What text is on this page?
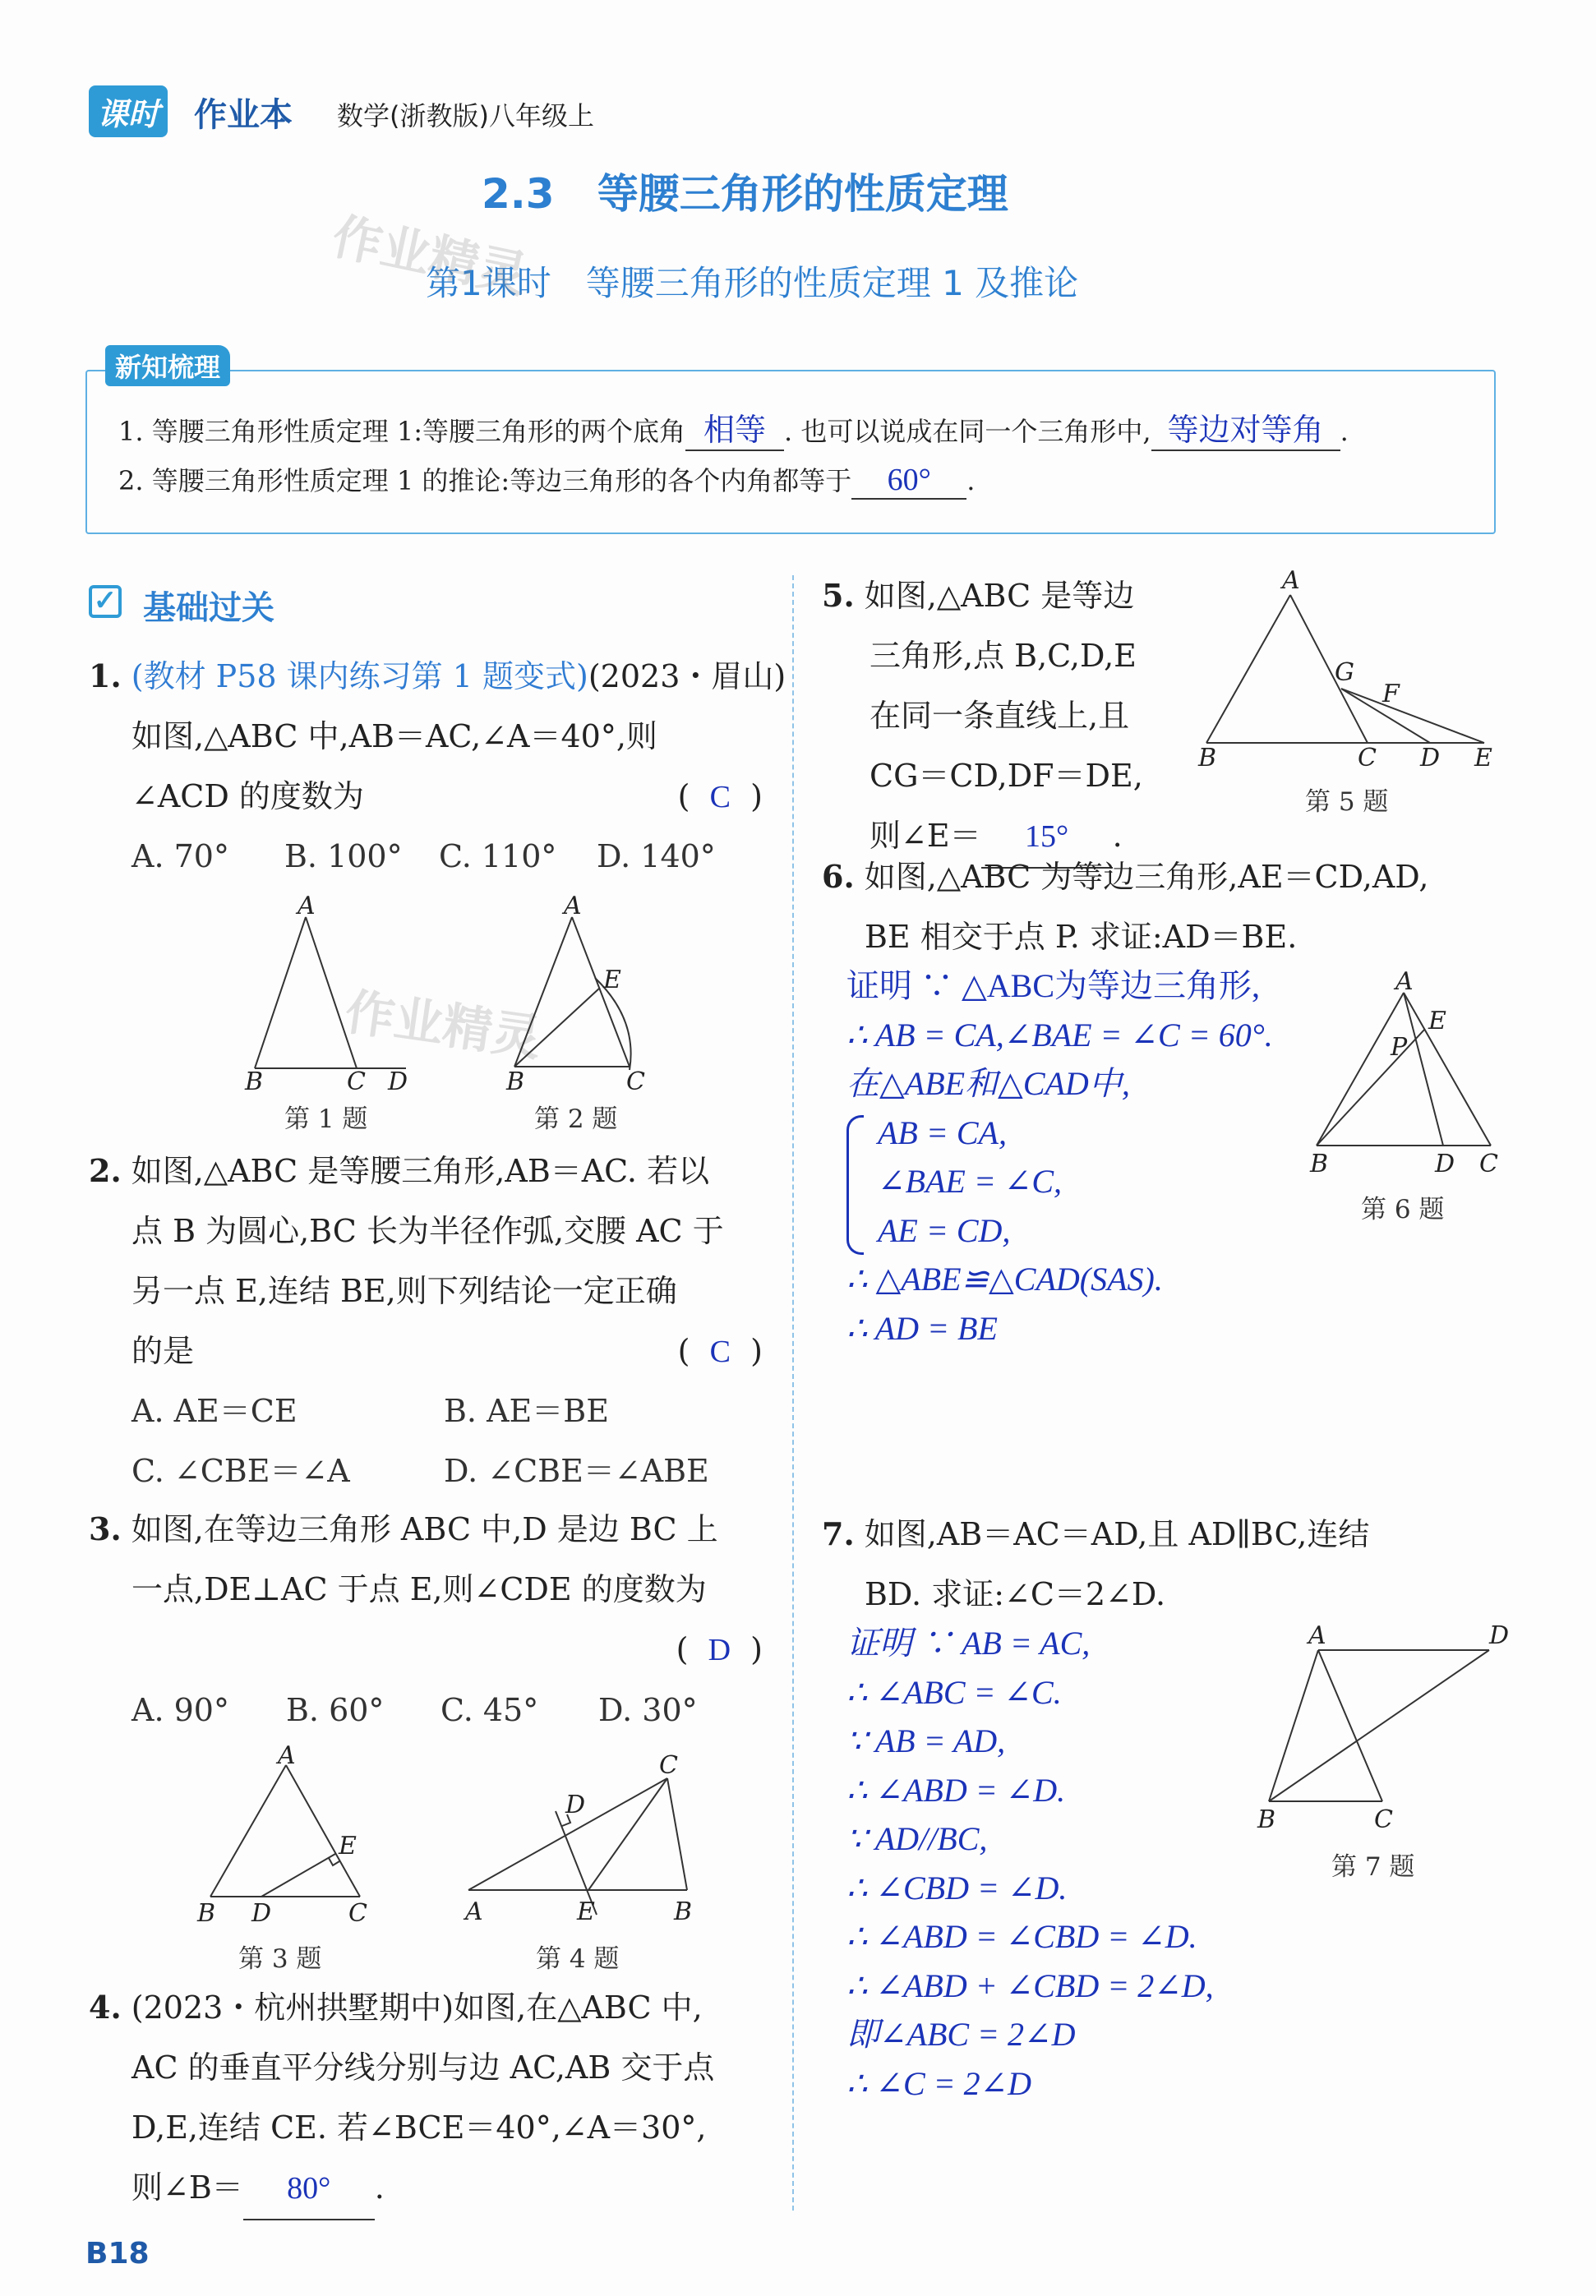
课时 作业本 数学(浙教版)八年级上
2.3 等腰三角形的性质定理
第1课时　等腰三角形的性质定理 1 及推论
作业精灵
作业精灵
新知梳理
1. 等腰三角形性质定理 1:等腰三角形的两个底角 相等 . 也可以说成在同一个三角形中, 等边对等角 .
2. 等腰三角形性质定理 1 的推论:等边三角形的各个内角都等于 60° .
✓ 基础过关
1. (教材 P58 课内练习第 1 题变式)(2023・眉山)
如图,△ABC 中,AB＝AC,∠A＝40°,则
∠ACD 的度数为	(  C  )
A. 70° B. 100° C. 110° D. 140°
A
B	C D
第 1 题
A
E
B	C
第 2 题
2. 如图,△ABC 是等腰三角形,AB＝AC. 若以
点 B 为圆心,BC 长为半径作弧,交腰 AC 于
另一点 E,连结 BE,则下列结论一定正确
的是	(  C  )
A. AE＝CE	B. AE＝BE
C. ∠CBE＝∠A	D. ∠CBE＝∠ABE
3. 如图,在等边三角形 ABC 中,D 是边 BC 上
一点,DE⊥AC 于点 E,则∠CDE 的度数为
(  D  )
A. 90° B. 60° C. 45° D. 30°
A
E
B D	C
第 3 题
C
D
A	E	B
第 4 题
4. (2023・杭州拱墅期中)如图,在△ABC 中,
AC 的垂直平分线分别与边 AC,AB 交于点
D,E,连结 CE. 若∠BCE＝40°,∠A＝30°,
则∠B＝ 80° .
B18
5. 如图,△ABC 是等边
三角形,点 B,C,D,E
在同一条直线上,且
CG＝CD,DF＝DE,
则∠E＝ 15° .
A
G
F
B	C D E
第 5 题
6. 如图,△ABC 为等边三角形,AE＝CD,AD,
BE 相交于点 P. 求证:AD＝BE.
证明 ∵ △ABC为等边三角形,
∴ AB = CA,∠BAE = ∠C = 60°.
在△ABE和△CAD中,
AB = CA,
∠BAE = ∠C,
AE = CD,
∴ △ABE≌△CAD(SAS).
∴ AD = BE
A
E
P
B	D C
第 6 题
7. 如图,AB＝AC＝AD,且 AD∥BC,连结
BD. 求证:∠C＝2∠D.
证明 ∵ AB = AC,
∴ ∠ABC = ∠C.
∵ AB = AD,
∴ ∠ABD = ∠D.
∵ AD//BC,
∴ ∠CBD = ∠D.
∴ ∠ABD = ∠CBD = ∠D.
∴ ∠ABD + ∠CBD = 2∠D,
即∠ABC = 2∠D
∴ ∠C = 2∠D
A	D
B	C
第 7 题
